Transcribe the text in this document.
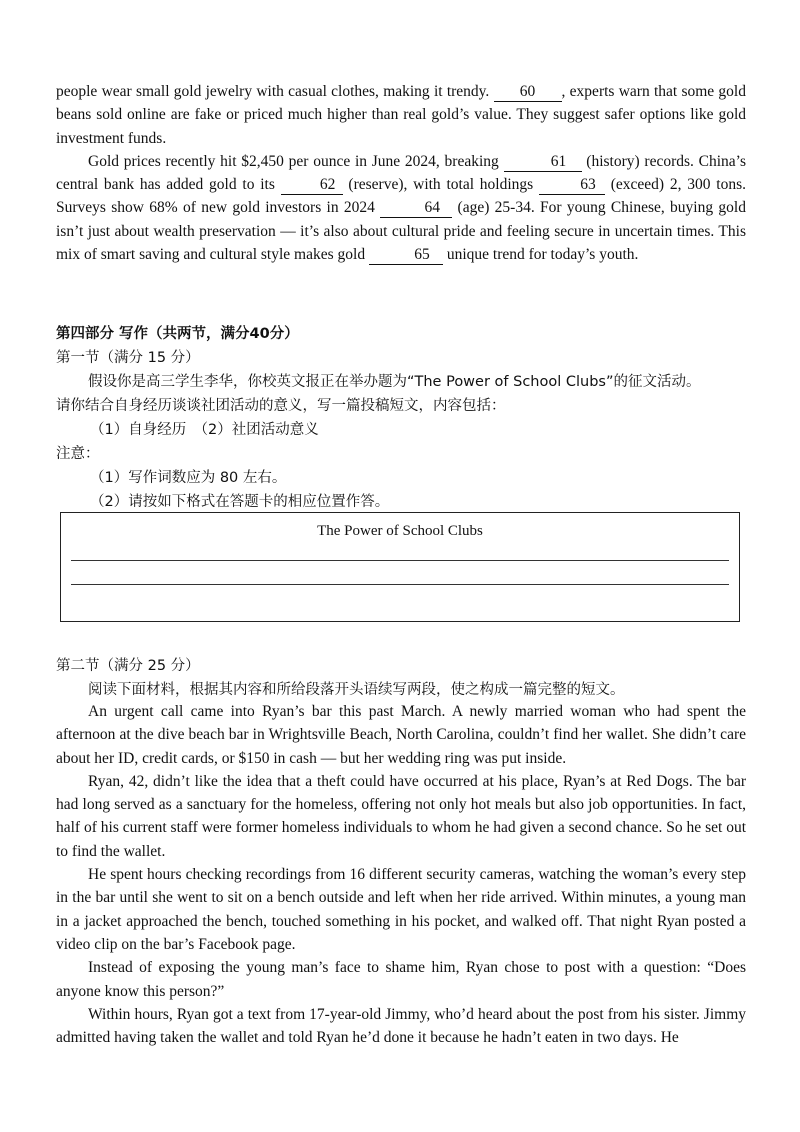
people wear small gold jewelry with casual clothes, making it trendy. 60 , experts warn that some gold beans sold online are fake or priced much higher than real gold’s value. They suggest safer options like gold investment funds.

Gold prices recently hit $2,450 per ounce in June 2024, breaking	61 (history) records. China’s central bank has added gold to its	62 (reserve), with total holdings	63 (exceed) 2, 300 tons. Surveys show 68% of new gold investors in 2024	64 (age) 25-34. For young Chinese, buying gold isn’t just about wealth preservation — it’s also about cultural pride and feeling secure in uncertain times. This mix of smart saving and cultural style makes gold	65 unique trend for today’s youth.

第四部分 写作（共两节，满分40分）
第一节（满分 15 分）
假设你是高三学生李华，你校英文报正在举办题为“The Power of School Clubs”的征文活动。
请你结合自身经历谈谈社团活动的意义，写一篇投稿短文，内容包括：
（1）自身经历　（2）社团活动意义
注意：
（1）写作词数应为 80 左右。
（2）请按如下格式在答题卡的相应位置作答。
The Power of School Clubs
第二节（满分 25 分）
阅读下面材料，根据其内容和所给段落开头语续写两段，使之构成一篇完整的短文。

An urgent call came into Ryan’s bar this past March. A newly married woman who had spent the afternoon at the dive beach bar in Wrightsville Beach, North Carolina, couldn’t find her wallet. She didn’t care about her ID, credit cards, or $150 in cash — but her wedding ring was put inside.

Ryan, 42, didn’t like the idea that a theft could have occurred at his place, Ryan’s at Red Dogs. The bar had long served as a sanctuary for the homeless, offering not only hot meals but also job opportunities. In fact, half of his current staff were former homeless individuals to whom he had given a second chance. So he set out to find the wallet.

He spent hours checking recordings from 16 different security cameras, watching the woman’s every step in the bar until she went to sit on a bench outside and left when her ride arrived. Within minutes, a young man in a jacket approached the bench, touched something in his pocket, and walked off. That night Ryan posted a video clip on the bar’s Facebook page.

Instead of exposing the young man’s face to shame him, Ryan chose to post with a question: “Does anyone know this person?”

Within hours, Ryan got a text from 17-year-old Jimmy, who’d heard about the post from his sister. Jimmy admitted having taken the wallet and told Ryan he’d done it because he hadn’t eaten in two days. He
